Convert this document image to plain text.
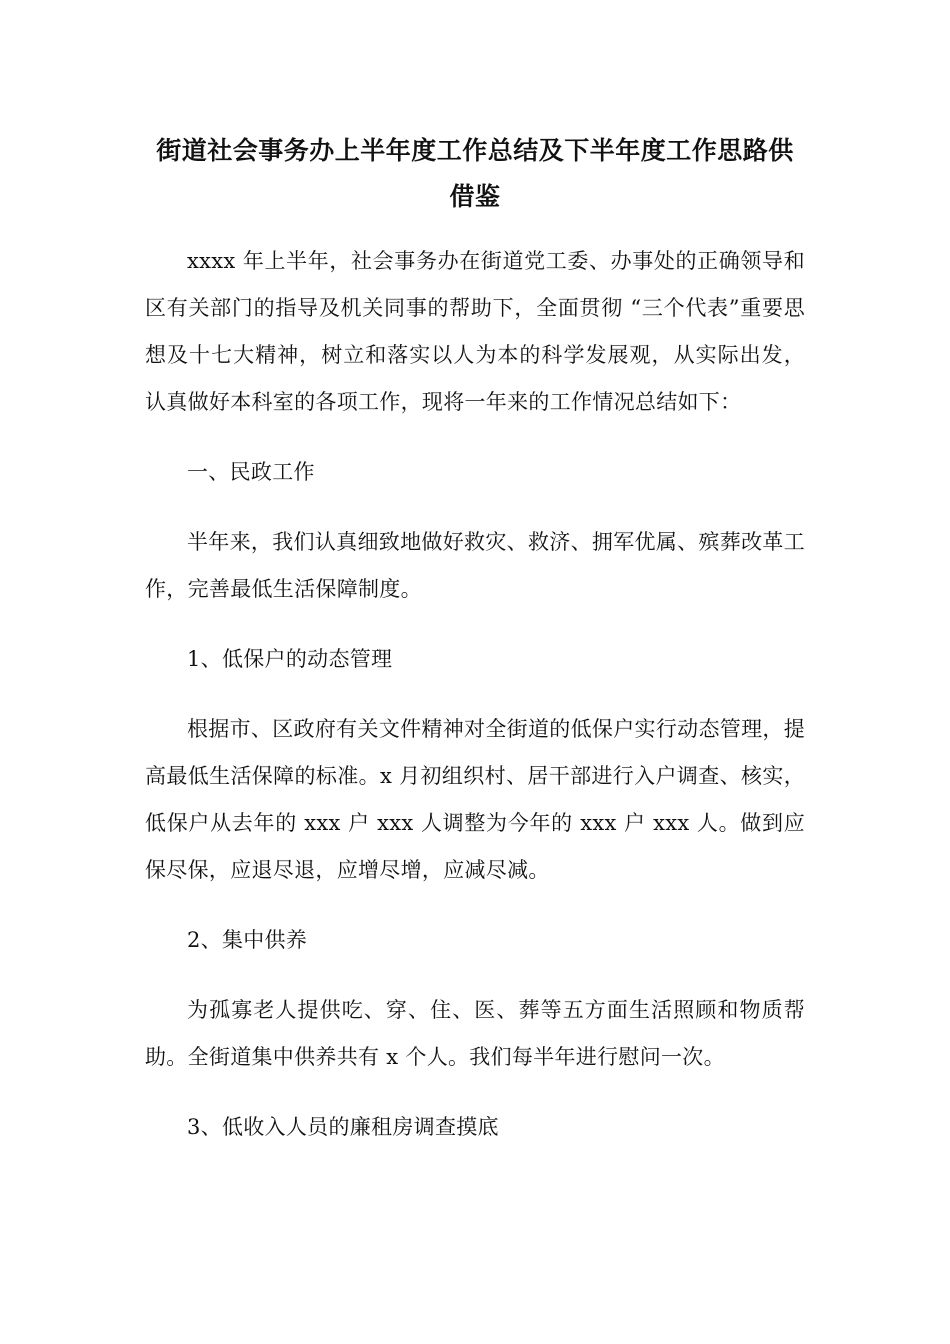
街道社会事务办上半年度工作总结及下半年度工作思路供借鉴

xxxx 年上半年，社会事务办在街道党工委、办事处的正确领导和区有关部门的指导及机关同事的帮助下，全面贯彻 “三个代表”重要思想及十七大精神，树立和落实以人为本的科学发展观，从实际出发，认真做好本科室的各项工作，现将一年来的工作情况总结如下：

一、民政工作

半年来，我们认真细致地做好救灾、救济、拥军优属、殡葬改革工作，完善最低生活保障制度。

1、低保户的动态管理

根据市、区政府有关文件精神对全街道的低保户实行动态管理，提高最低生活保障的标准。x 月初组织村、居干部进行入户调查、核实，低保户从去年的 xxx 户 xxx 人调整为今年的 xxx 户 xxx 人。做到应保尽保，应退尽退，应增尽增，应减尽减。

2、集中供养

为孤寡老人提供吃、穿、住、医、葬等五方面生活照顾和物质帮助。全街道集中供养共有 x 个人。我们每半年进行慰问一次。

3、低收入人员的廉租房调查摸底
